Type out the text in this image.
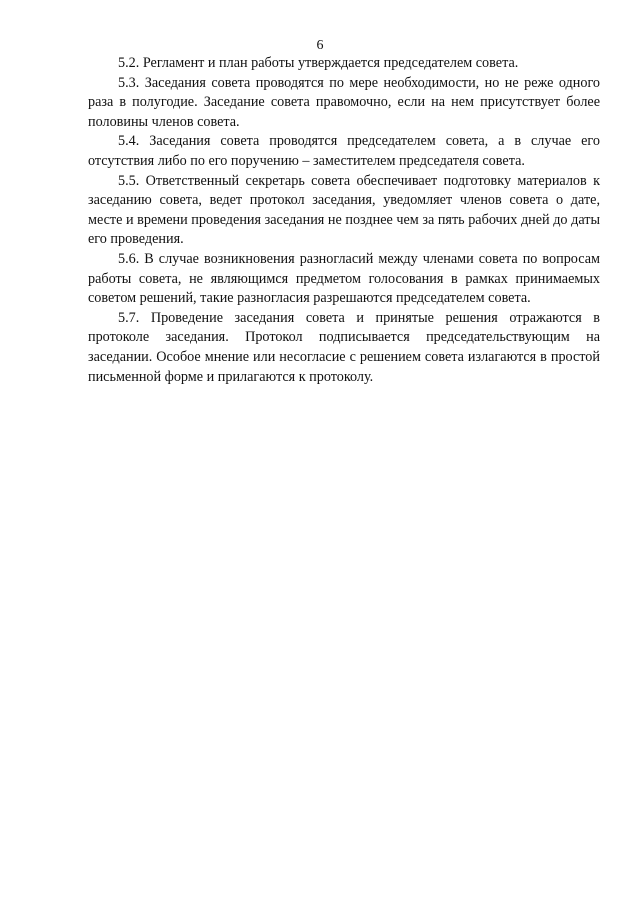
6

5.2. Регламент и план работы утверждается председателем совета.

5.3. Заседания совета проводятся по мере необходимости, но не реже одного раза в полугодие. Заседание совета правомочно, если на нем присутствует более половины членов совета.

5.4. Заседания совета проводятся председателем совета, а в случае его отсутствия либо по его поручению – заместителем председателя совета.

5.5. Ответственный секретарь совета обеспечивает подготовку материалов к заседанию совета, ведет протокол заседания, уведомляет членов совета о дате, месте и времени проведения заседания не позднее чем за пять рабочих дней до даты его проведения.

5.6. В случае возникновения разногласий между членами совета по вопросам работы совета, не являющимся предметом голосования в рамках принимаемых советом решений, такие разногласия разрешаются председателем совета.

5.7. Проведение заседания совета и принятые решения отражаются в протоколе заседания. Протокол подписывается председательствующим на заседании. Особое мнение или несогласие с решением совета излагаются в простой письменной форме и прилагаются к протоколу.
